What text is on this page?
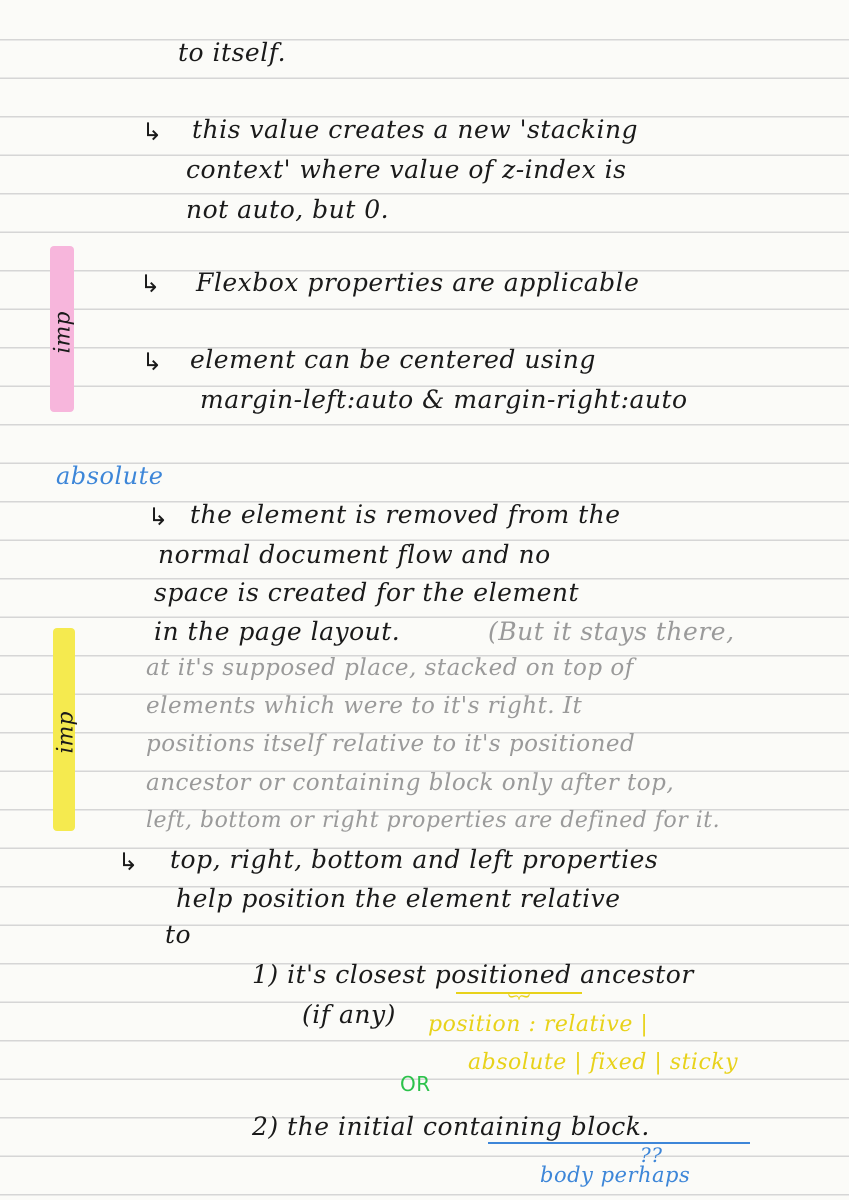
imp
imp
to itself.
↳ this value creates a new 'stacking
context' where value of z-index is
not auto, but 0.
↳ Flexbox properties are applicable
↳ element can be centered using
margin-left:auto & margin-right:auto
absolute
↳ the element is removed from the
normal document flow and no
space is created for the element
in the page layout.	(But it stays there,
at it's supposed place, stacked on top of
elements which were to it's right. It
positions itself relative to it's positioned
ancestor or containing block only after top,
left, bottom or right properties are defined for it.
↳ top, right, bottom and left properties
help position the element relative
to
1) it's closest positioned ancestor
︸
(if any) position : relative |
absolute | fixed | sticky
OR
2) the initial containing block.
??
body perhaps
